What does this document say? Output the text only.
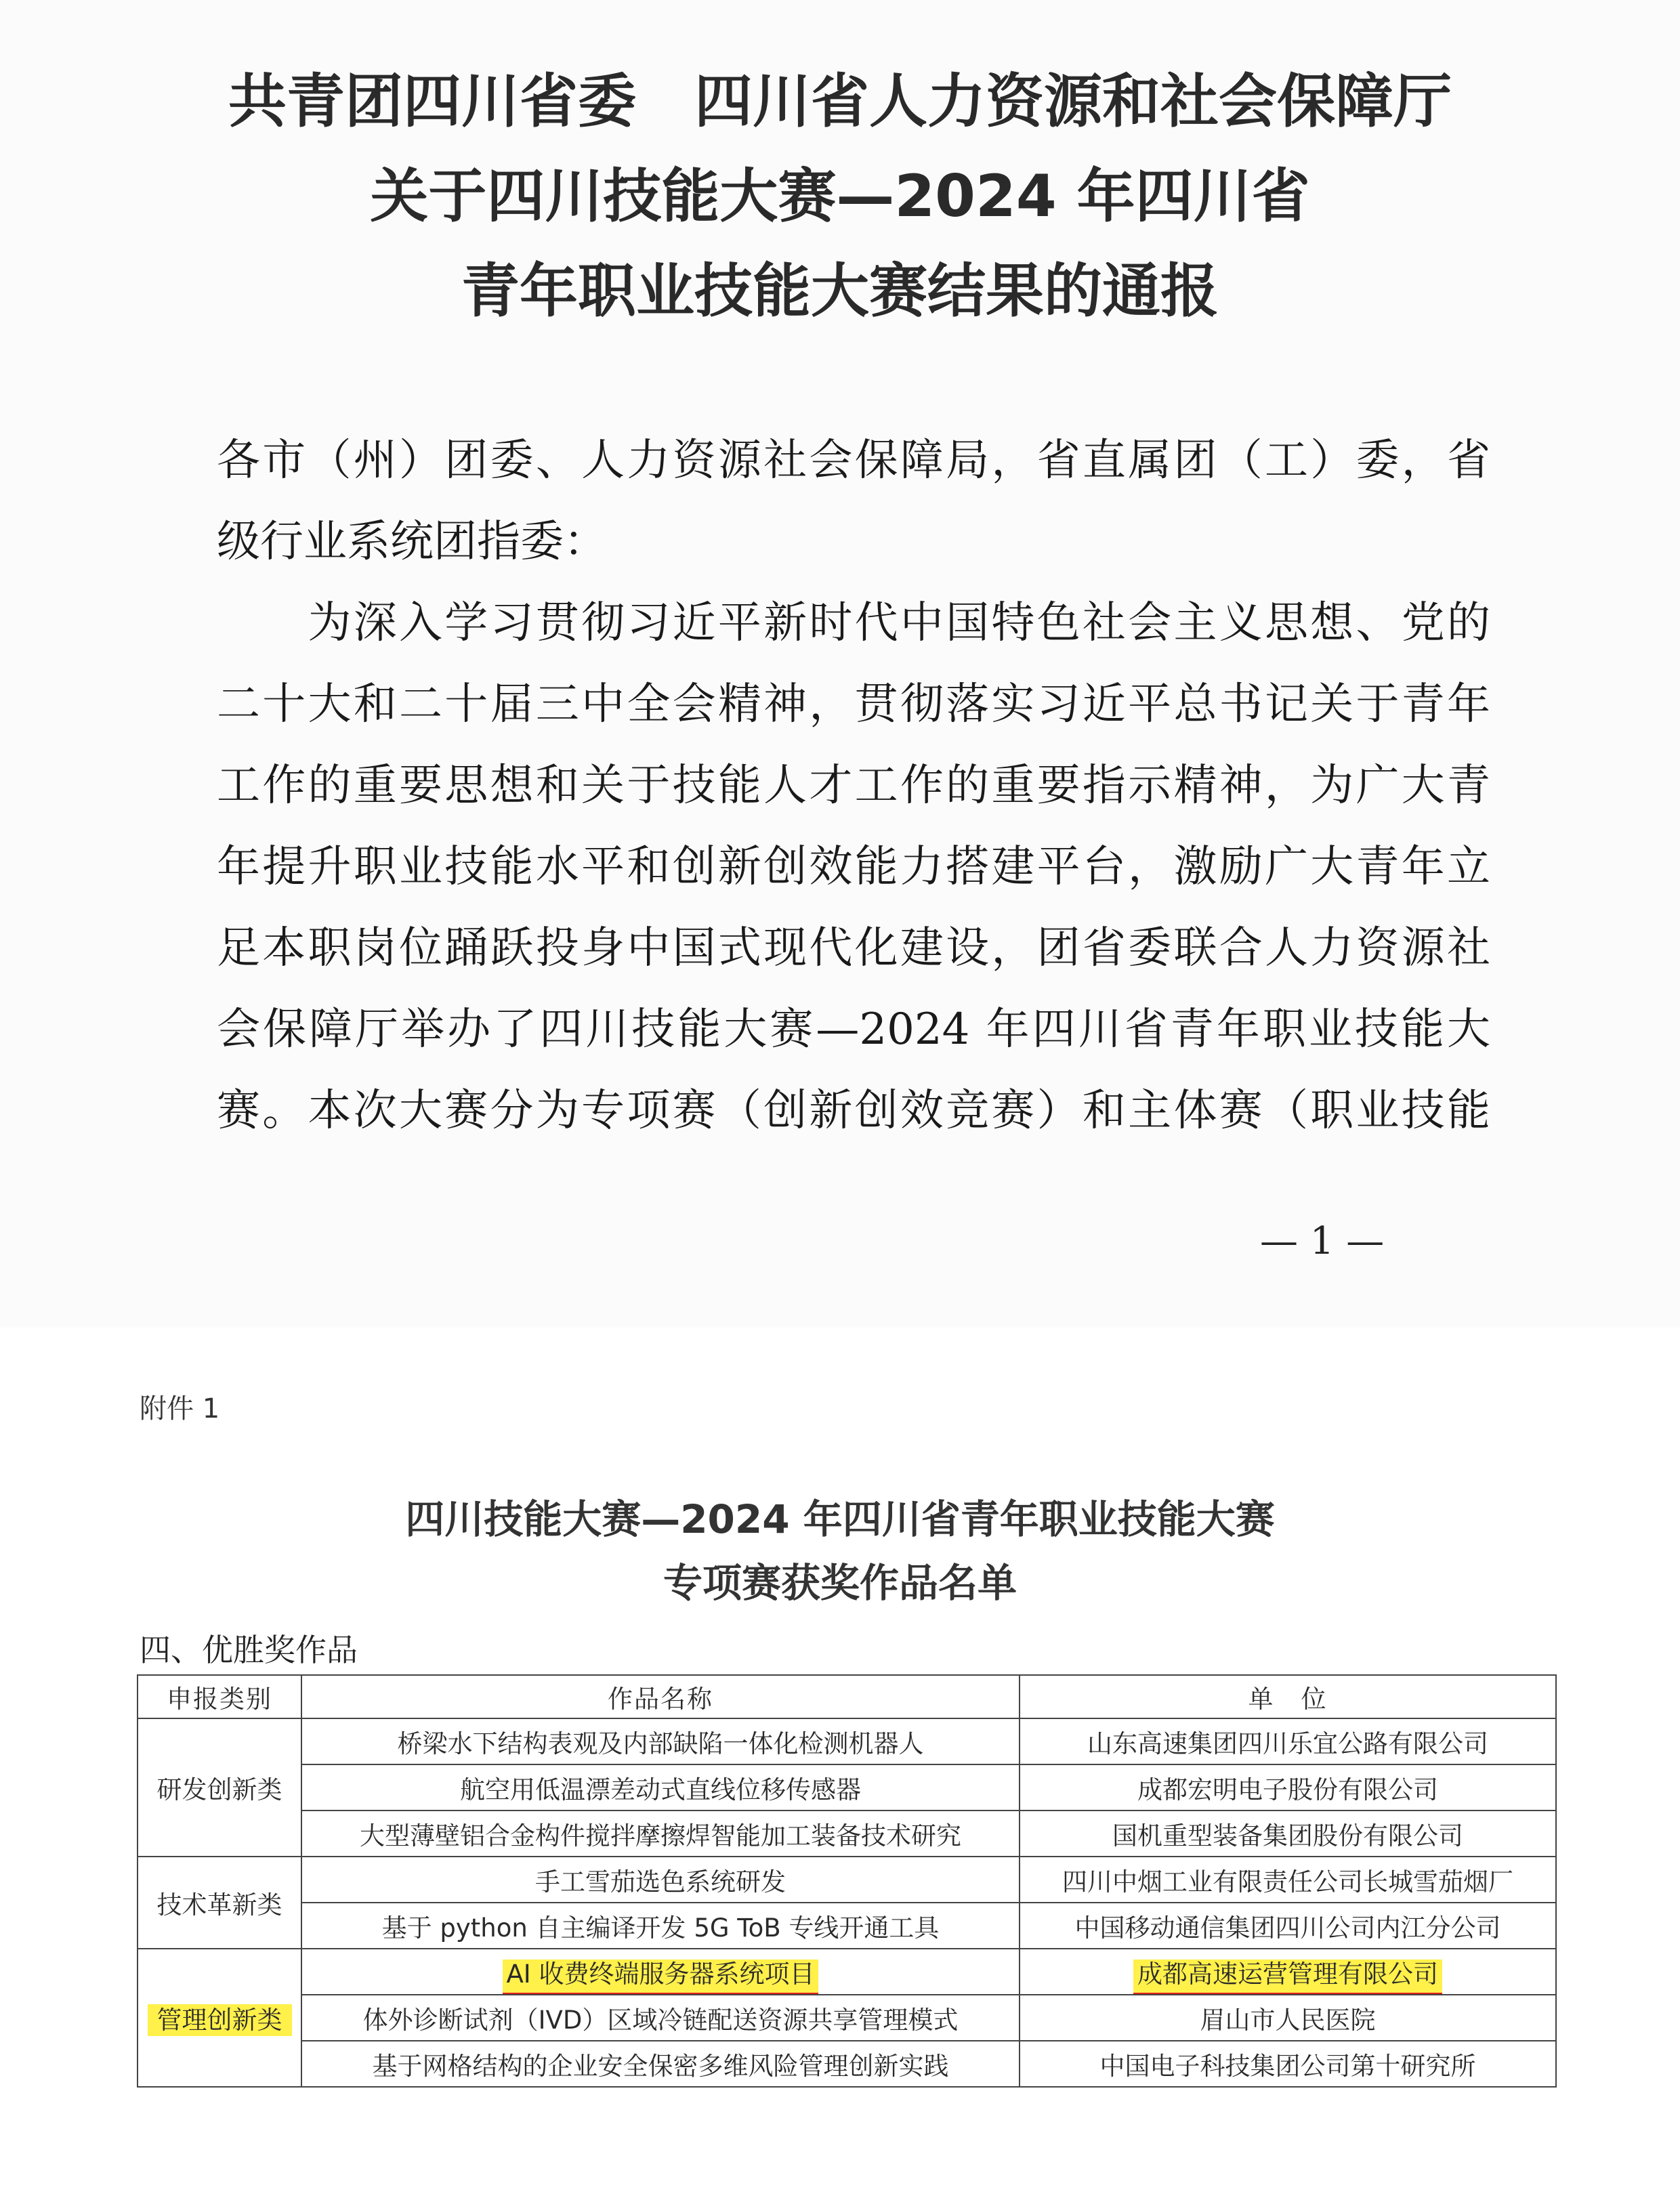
共青团四川省委　四川省人力资源和社会保障厅
关于四川技能大赛—2024 年四川省
青年职业技能大赛结果的通报
各市（州）团委、人力资源社会保障局，省直属团（工）委，省
级行业系统团指委：
　　为深入学习贯彻习近平新时代中国特色社会主义思想、党的
二十大和二十届三中全会精神，贯彻落实习近平总书记关于青年
工作的重要思想和关于技能人才工作的重要指示精神，为广大青
年提升职业技能水平和创新创效能力搭建平台，激励广大青年立
足本职岗位踊跃投身中国式现代化建设，团省委联合人力资源社
会保障厅举办了四川技能大赛—2024 年四川省青年职业技能大
赛。本次大赛分为专项赛（创新创效竞赛）和主体赛（职业技能
— 1 —
附件 1
四川技能大赛—2024 年四川省青年职业技能大赛
专项赛获奖作品名单
四、优胜奖作品
申报类别	作品名称	单　位
研发创新类	桥梁水下结构表观及内部缺陷一体化检测机器人	山东高速集团四川乐宜公路有限公司
	航空用低温漂差动式直线位移传感器	成都宏明电子股份有限公司
	大型薄壁铝合金构件搅拌摩擦焊智能加工装备技术研究	国机重型装备集团股份有限公司
技术革新类	手工雪茄选色系统研发	四川中烟工业有限责任公司长城雪茄烟厂
	基于 python 自主编译开发 5G ToB 专线开通工具	中国移动通信集团四川公司内江分公司
管理创新类	AI 收费终端服务器系统项目	成都高速运营管理有限公司
	体外诊断试剂（IVD）区域冷链配送资源共享管理模式	眉山市人民医院
	基于网格结构的企业安全保密多维风险管理创新实践	中国电子科技集团公司第十研究所
